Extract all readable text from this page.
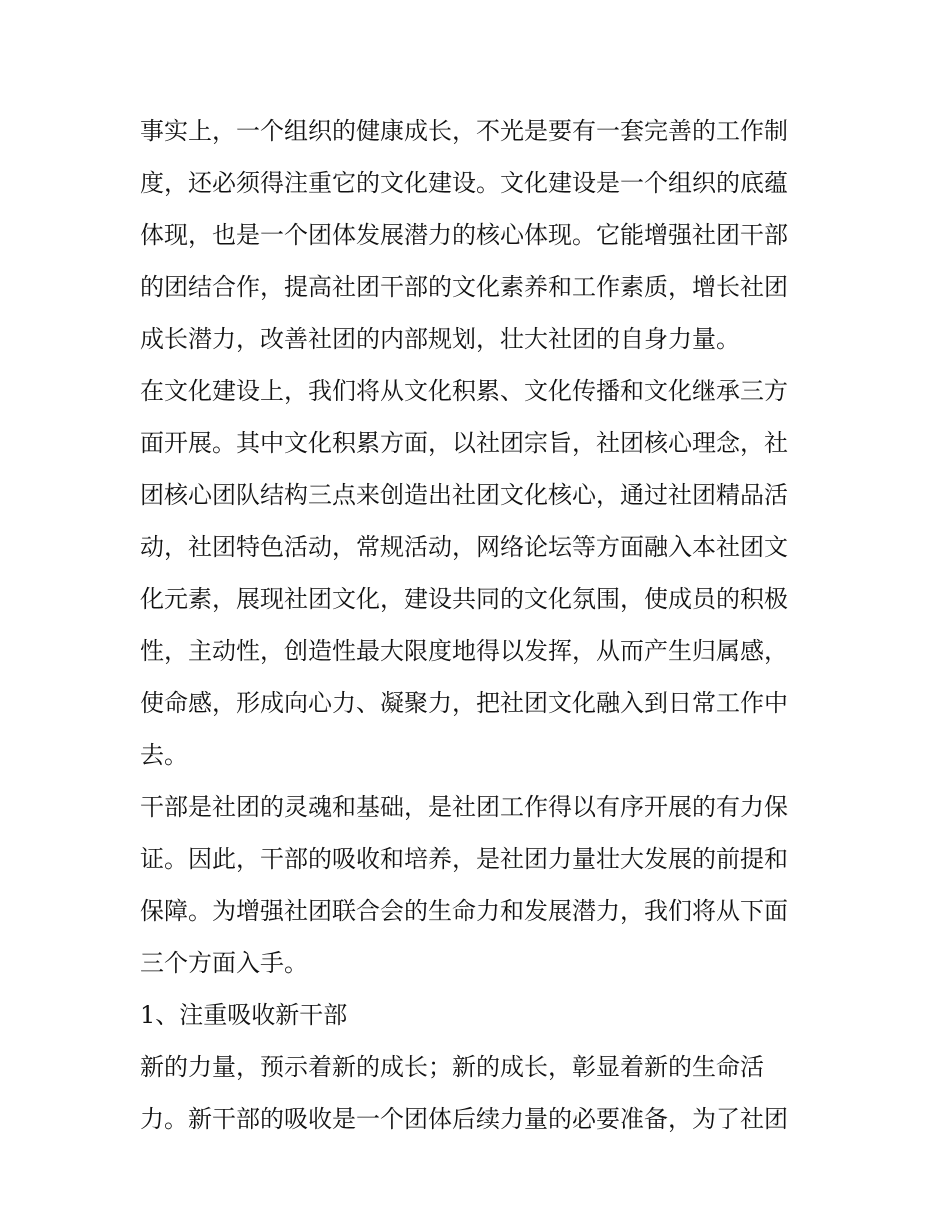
事实上，一个组织的健康成长，不光是要有一套完善的工作制
度，还必须得注重它的文化建设。文化建设是一个组织的底蕴
体现，也是一个团体发展潜力的核心体现。它能增强社团干部
的团结合作，提高社团干部的文化素养和工作素质，增长社团
成长潜力，改善社团的内部规划，壮大社团的自身力量。
在文化建设上，我们将从文化积累、文化传播和文化继承三方
面开展。其中文化积累方面，以社团宗旨，社团核心理念，社
团核心团队结构三点来创造出社团文化核心，通过社团精品活
动，社团特色活动，常规活动，网络论坛等方面融入本社团文
化元素，展现社团文化，建设共同的文化氛围，使成员的积极
性，主动性，创造性最大限度地得以发挥，从而产生归属感，
使命感，形成向心力、凝聚力，把社团文化融入到日常工作中
去。
干部是社团的灵魂和基础，是社团工作得以有序开展的有力保
证。因此，干部的吸收和培养，是社团力量壮大发展的前提和
保障。为增强社团联合会的生命力和发展潜力，我们将从下面
三个方面入手。
1、注重吸收新干部
新的力量，预示着新的成长；新的成长，彰显着新的生命活
力。新干部的吸收是一个团体后续力量的必要准备，为了社团
